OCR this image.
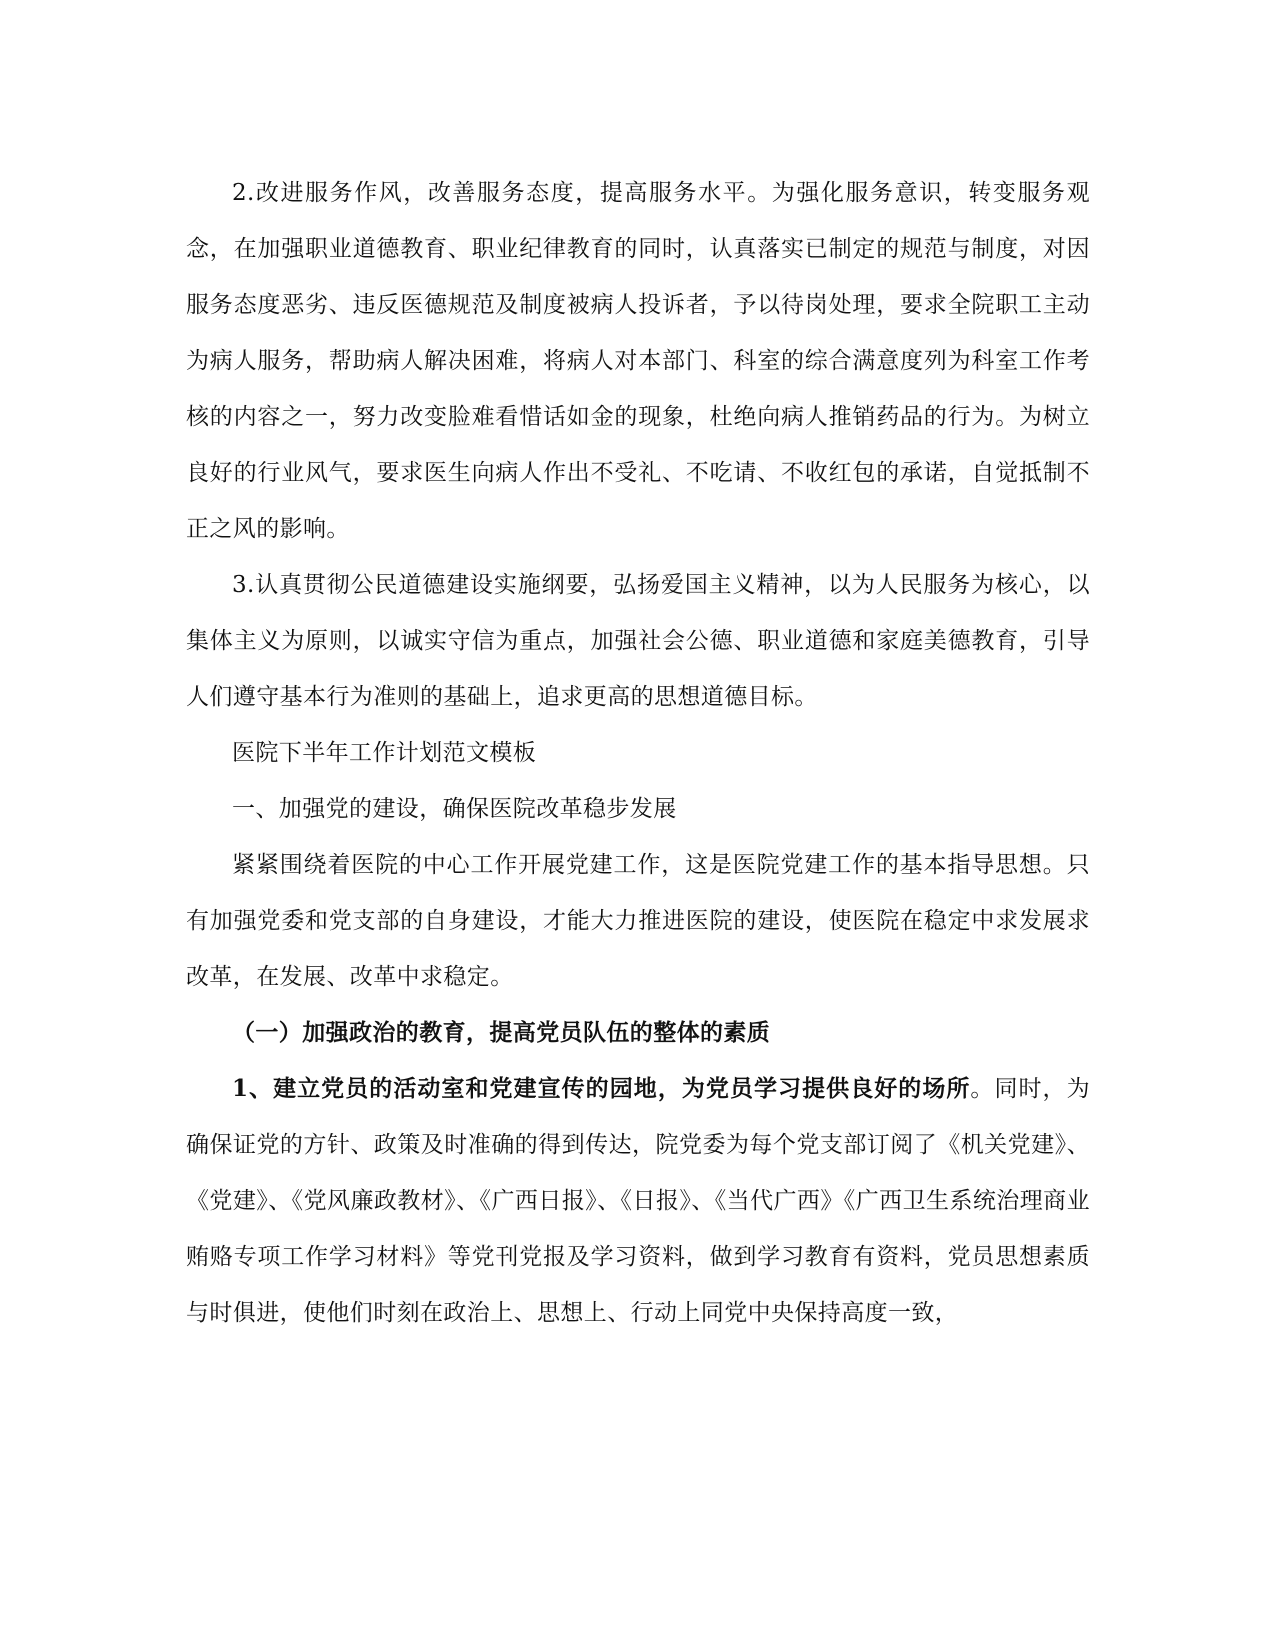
2.改进服务作风，改善服务态度，提高服务水平。为强化服务意识，转变服务观念，在加强职业道德教育、职业纪律教育的同时，认真落实已制定的规范与制度，对因服务态度恶劣、违反医德规范及制度被病人投诉者，予以待岗处理，要求全院职工主动为病人服务，帮助病人解决困难，将病人对本部门、科室的综合满意度列为科室工作考核的内容之一，努力改变脸难看惜话如金的现象，杜绝向病人推销药品的行为。为树立良好的行业风气，要求医生向病人作出不受礼、不吃请、不收红包的承诺，自觉抵制不正之风的影响。

3.认真贯彻公民道德建设实施纲要，弘扬爱国主义精神，以为人民服务为核心，以集体主义为原则，以诚实守信为重点，加强社会公德、职业道德和家庭美德教育，引导人们遵守基本行为准则的基础上，追求更高的思想道德目标。

医院下半年工作计划范文模板

一、加强党的建设，确保医院改革稳步发展

紧紧围绕着医院的中心工作开展党建工作，这是医院党建工作的基本指导思想。只有加强党委和党支部的自身建设，才能大力推进医院的建设，使医院在稳定中求发展求改革，在发展、改革中求稳定。

（一）加强政治的教育，提高党员队伍的整体的素质

1、建立党员的活动室和党建宣传的园地，为党员学习提供良好的场所。同时，为确保证党的方针、政策及时准确的得到传达，院党委为每个党支部订阅了《机关党建》、《党建》、《党风廉政教材》、《广西日报》、《日报》、《当代广西》《广西卫生系统治理商业贿赂专项工作学习材料》等党刊党报及学习资料，做到学习教育有资料，党员思想素质与时俱进，使他们时刻在政治上、思想上、行动上同党中央保持高度一致，
